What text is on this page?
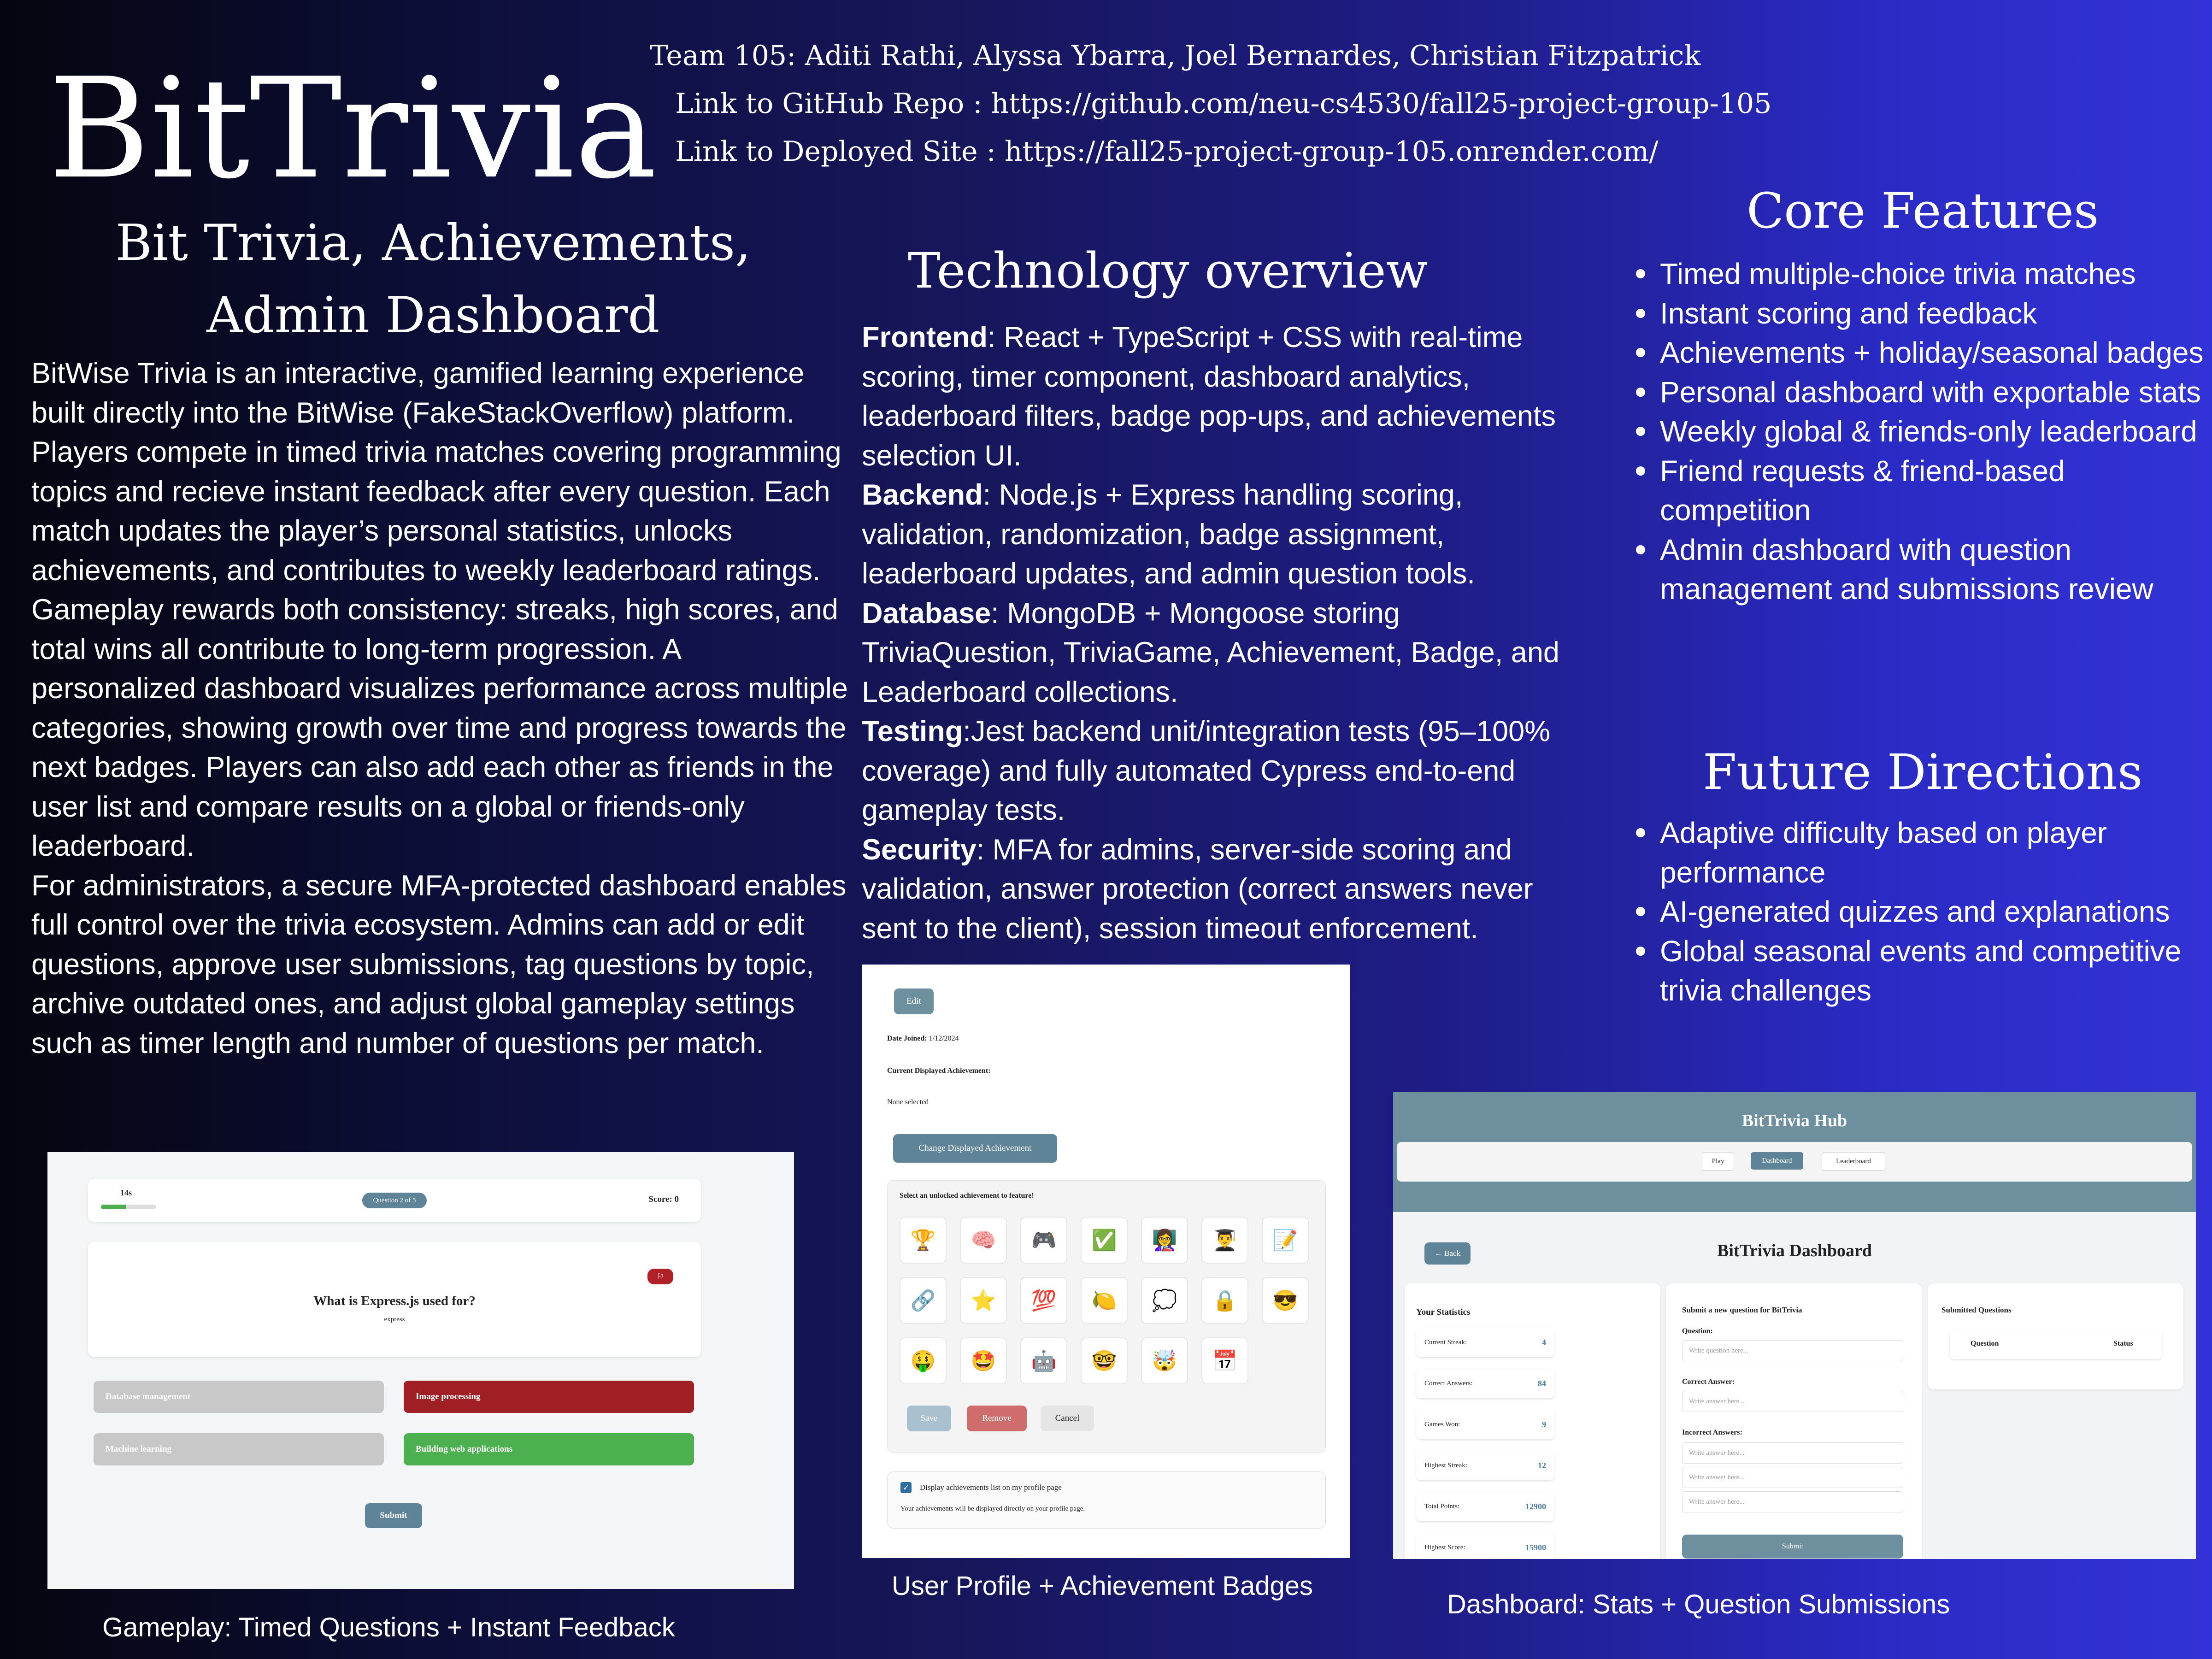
BitTrivia
Team 105: Aditi Rathi, Alyssa Ybarra, Joel Bernardes, Christian Fitzpatrick
Link to GitHub Repo : https://github.com/neu-cs4530/fall25-project-group-105
Link to Deployed Site : https://fall25-project-group-105.onrender.com/
Bit Trivia, Achievements, Admin Dashboard

BitWise Trivia is an interactive, gamified learning experience built directly into the BitWise (FakeStackOverflow) platform. Players compete in timed trivia matches covering programming topics and recieve instant feedback after every question. Each match updates the player’s personal statistics, unlocks achievements, and contributes to weekly leaderboard ratings.

Gameplay rewards both consistency: streaks, high scores, and total wins all contribute to long-term progression. A personalized dashboard visualizes performance across multiple categories, showing growth over time and progress towards the next badges. Players can also add each other as friends in the user list and compare results on a global or friends-only leaderboard.

For administrators, a secure MFA-protected dashboard enables full control over the trivia ecosystem. Admins can add or edit questions, approve user submissions, tag questions by topic, archive outdated ones, and adjust global gameplay settings such as timer length and number of questions per match.

Technology overview

Frontend: React + TypeScript + CSS with real-time scoring, timer component, dashboard analytics, leaderboard filters, badge pop-ups, and achievements selection UI.

Backend: Node.js + Express handling scoring, validation, randomization, badge assignment, leaderboard updates, and admin question tools.

Database: MongoDB + Mongoose storing TriviaQuestion, TriviaGame, Achievement, Badge, and Leaderboard collections.

Testing:Jest backend unit/integration tests (95–100% coverage) and fully automated Cypress end-to-end gameplay tests.

Security: MFA for admins, server-side scoring and validation, answer protection (correct answers never sent to the client), session timeout enforcement.

Core Features
Timed multiple-choice trivia matches
Instant scoring and feedback
Achievements + holiday/seasonal badges
Personal dashboard with exportable stats
Weekly global & friends-only leaderboard
Friend requests & friend-based competition
Admin dashboard with question management and submissions review
Future Directions
Adaptive difficulty based on player performance
AI-generated quizzes and explanations
Global seasonal events and competitive trivia challenges
14s
Question 2 of 5	Score: 0
⚐
What is Express.js used for?
express
Database management	Image processing
Machine learning	Building web applications
Submit
Gameplay: Timed Questions + Instant Feedback
Edit
Date Joined: 1/12/2024
Current Displayed Achievement:
None selected
Change Displayed Achievement
Select an unlocked achievement to feature!
🏆	🧠	🎮	✅	👩‍🏫	👨‍🎓	📝
🔗	⭐	💯	🍋	💭	🔒	😎
🤑	🤩	🤖	🤓	🤯	📅
Save	Remove	Cancel
✓ Display achievements list on my profile page
Your achievements will be displayed directly on your profile page.
User Profile + Achievement Badges
BitTrivia Hub
Play	Dashboard	Leaderboard
← Back	BitTrivia Dashboard
Your Statistics
Current Streak:	4
Correct Answers:	84
Games Won:	9
Highest Streak:	12
Total Points:	12900
Highest Score:	15900
Submit a new question for BitTrivia
Question:
Write question here...
Correct Answer:
Write answer here...
Incorrect Answers:
Write answer here...
Write answer here...
Write answer here...
Submit
Submitted Questions
Question	Status
Dashboard: Stats + Question Submissions
